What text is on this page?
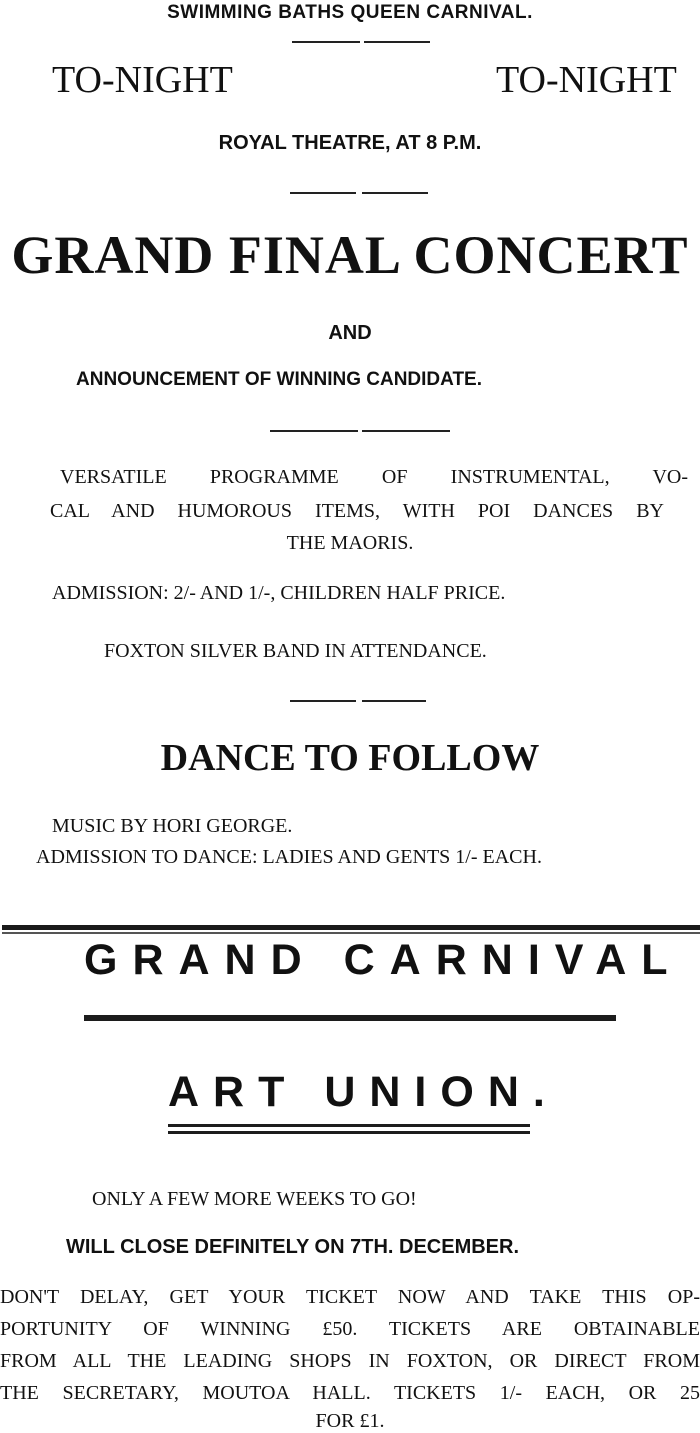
SWIMMING BATHS QUEEN CARNIVAL.
TO-NIGHT	TO-NIGHT
ROYAL THEATRE, AT 8 P.M.
GRAND FINAL CONCERT
AND
ANNOUNCEMENT OF WINNING CANDIDATE.
VERSATILE PROGRAMME OF INSTRUMENTAL, VO-
CAL AND HUMOROUS ITEMS, WITH POI DANCES BY
THE MAORIS.
ADMISSION: 2/- AND 1/-, CHILDREN HALF PRICE.
FOXTON SILVER BAND IN ATTENDANCE.
DANCE TO FOLLOW
MUSIC BY HORI GEORGE.
ADMISSION TO DANCE: LADIES AND GENTS 1/- EACH.
GRAND CARNIVAL
ART UNION.
ONLY A FEW MORE WEEKS TO GO!
WILL CLOSE DEFINITELY ON 7TH. DECEMBER.
DON'T DELAY, GET YOUR TICKET NOW AND TAKE THIS OP-
PORTUNITY OF WINNING £50. TICKETS ARE OBTAINABLE
FROM ALL THE LEADING SHOPS IN FOXTON, OR DIRECT FROM
THE SECRETARY, MOUTOA HALL. TICKETS 1/- EACH, OR 25
FOR £1.
